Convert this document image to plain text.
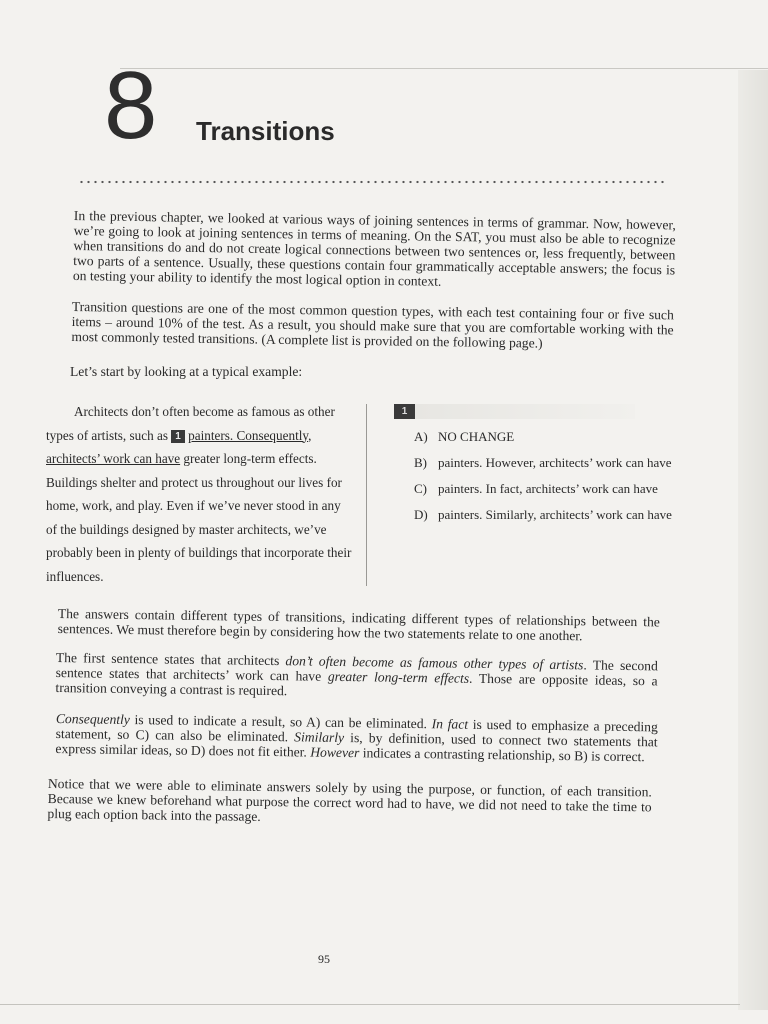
8 Transitions

In the previous chapter, we looked at various ways of joining sentences in terms of grammar. Now, however, we’re going to look at joining sentences in terms of meaning. On the SAT, you must also be able to recognize when transitions do and do not create logical connections between two sentences or, less frequently, between two parts of a sentence. Usually, these questions contain four grammatically acceptable answers; the focus is on testing your ability to identify the most logical option in context.

Transition questions are one of the most common question types, with each test containing four or five such items – around 10% of the test. As a result, you should make sure that you are comfortable working with the most commonly tested transitions. (A complete list is provided on the following page.)

Let’s start by looking at a typical example:

Architects don’t often become as famous as other types of artists, such as 1 painters. Consequently, architects’ work can have greater long-term effects. Buildings shelter and protect us throughout our lives for home, work, and play. Even if we’ve never stood in any of the buildings designed by master architects, we’ve probably been in plenty of buildings that incorporate their influences.

1
A) NO CHANGE
B) painters. However, architects’ work can have
C) painters. In fact, architects’ work can have
D) painters. Similarly, architects’ work can have

The answers contain different types of transitions, indicating different types of relationships between the sentences. We must therefore begin by considering how the two statements relate to one another.

The first sentence states that architects don’t often become as famous other types of artists. The second sentence states that architects’ work can have greater long-term effects. Those are opposite ideas, so a transition conveying a contrast is required.

Consequently is used to indicate a result, so A) can be eliminated. In fact is used to emphasize a preceding statement, so C) can also be eliminated. Similarly is, by definition, used to connect two statements that express similar ideas, so D) does not fit either. However indicates a contrasting relationship, so B) is correct.

Notice that we were able to eliminate answers solely by using the purpose, or function, of each transition. Because we knew beforehand what purpose the correct word had to have, we did not need to take the time to plug each option back into the passage.

95
